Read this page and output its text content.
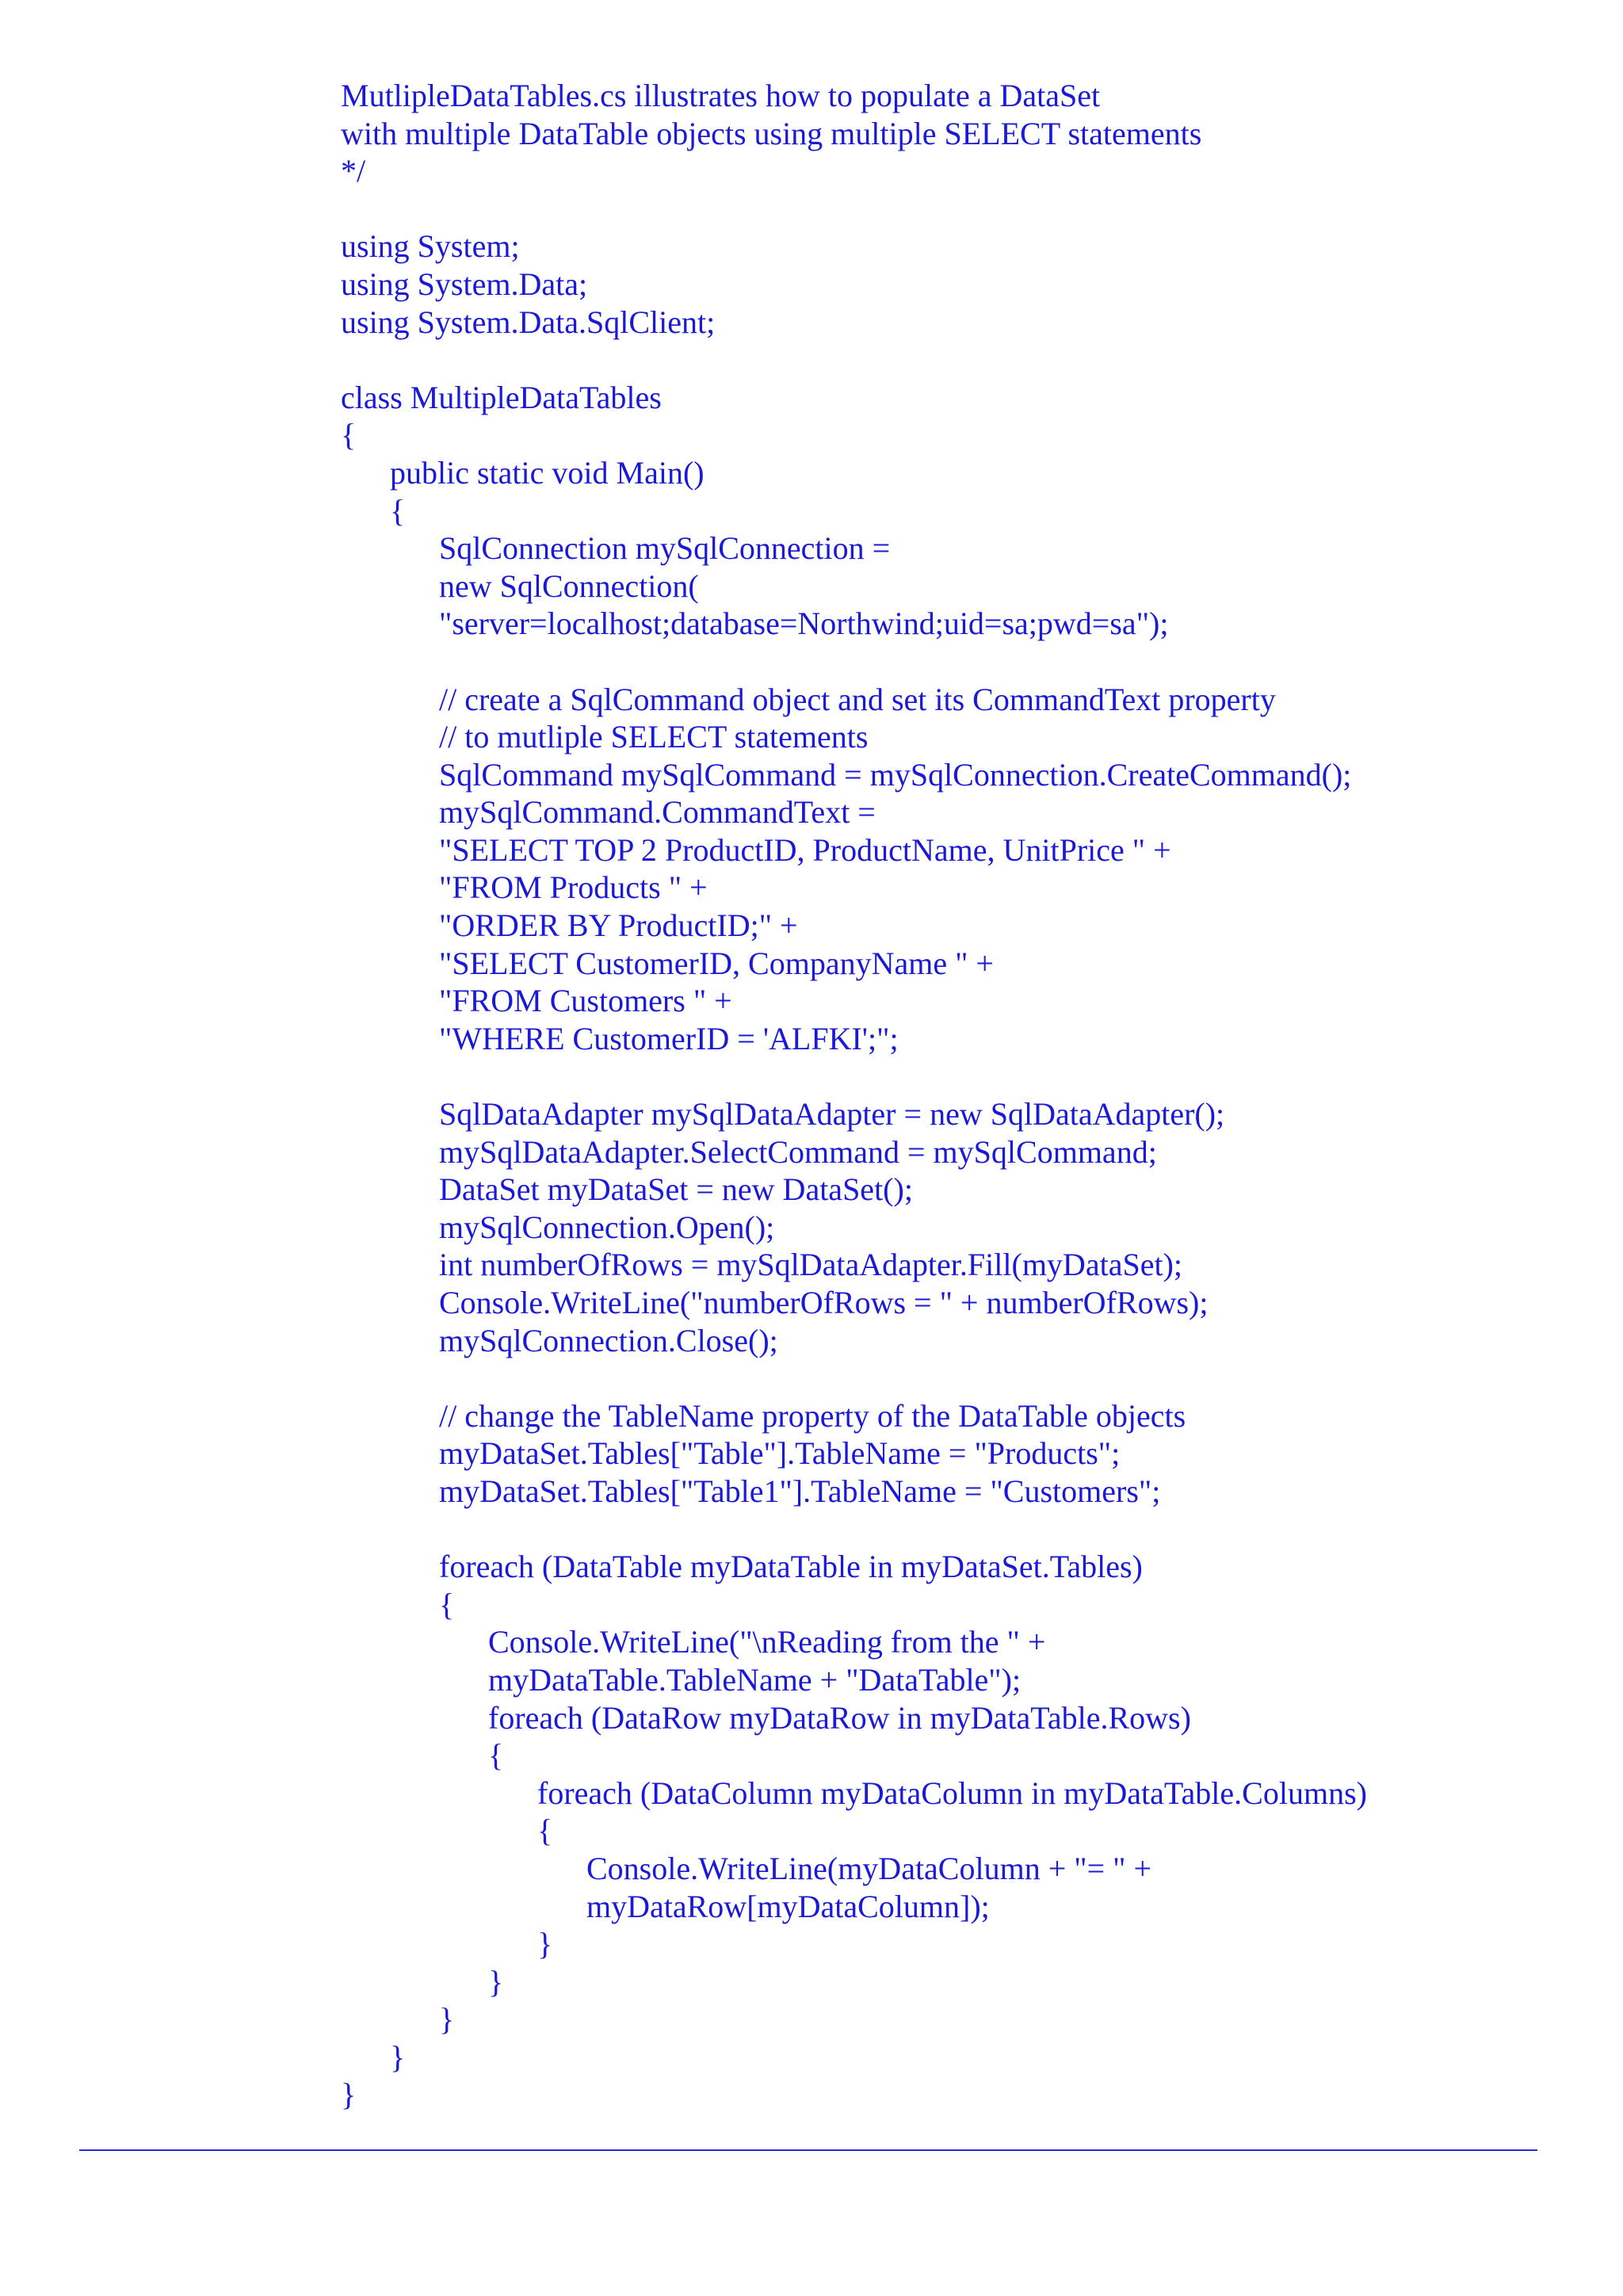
MutlipleDataTables.cs illustrates how to populate a DataSet
with multiple DataTable objects using multiple SELECT statements
*/
using System;
using System.Data;
using System.Data.SqlClient;
class MultipleDataTables
{
public static void Main()
{
SqlConnection mySqlConnection =
new SqlConnection(
"server=localhost;database=Northwind;uid=sa;pwd=sa");
// create a SqlCommand object and set its CommandText property
// to mutliple SELECT statements
SqlCommand mySqlCommand = mySqlConnection.CreateCommand();
mySqlCommand.CommandText =
"SELECT TOP 2 ProductID, ProductName, UnitPrice " +
"FROM Products " +
"ORDER BY ProductID;" +
"SELECT CustomerID, CompanyName " +
"FROM Customers " +
"WHERE CustomerID = 'ALFKI';";
SqlDataAdapter mySqlDataAdapter = new SqlDataAdapter();
mySqlDataAdapter.SelectCommand = mySqlCommand;
DataSet myDataSet = new DataSet();
mySqlConnection.Open();
int numberOfRows = mySqlDataAdapter.Fill(myDataSet);
Console.WriteLine("numberOfRows = " + numberOfRows);
mySqlConnection.Close();
// change the TableName property of the DataTable objects
myDataSet.Tables["Table"].TableName = "Products";
myDataSet.Tables["Table1"].TableName = "Customers";
foreach (DataTable myDataTable in myDataSet.Tables)
{
Console.WriteLine("\nReading from the " +
myDataTable.TableName + "DataTable");
foreach (DataRow myDataRow in myDataTable.Rows)
{
foreach (DataColumn myDataColumn in myDataTable.Columns)
{
Console.WriteLine(myDataColumn + "= " +
myDataRow[myDataColumn]);
}
}
}
}
}
